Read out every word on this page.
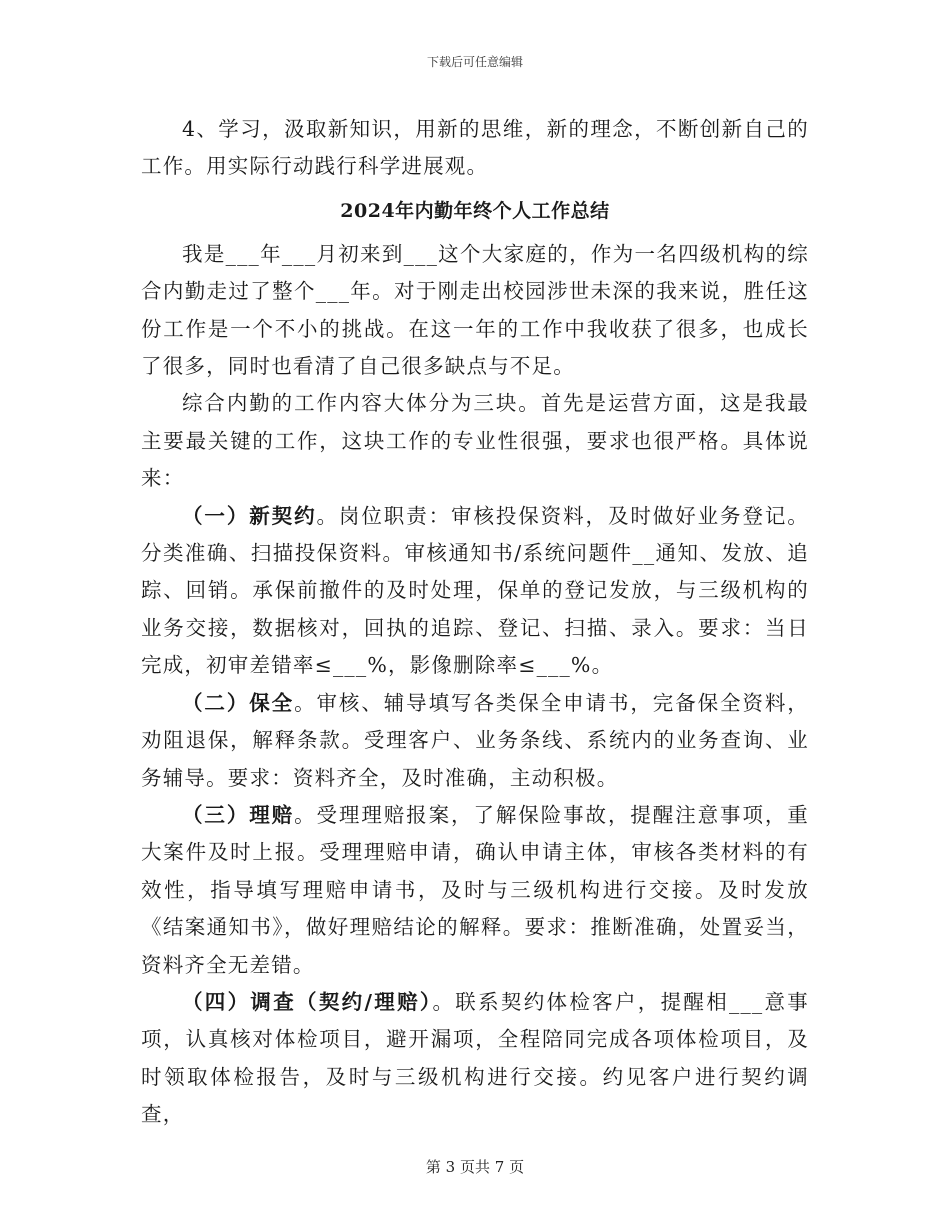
下载后可任意编辑

4、学习，汲取新知识，用新的思维，新的理念，不断创新自己的工作。用实际行动践行科学进展观。

2024年内勤年终个人工作总结

我是___年___月初来到___这个大家庭的，作为一名四级机构的综合内勤走过了整个___年。对于刚走出校园涉世未深的我来说，胜任这份工作是一个不小的挑战。在这一年的工作中我收获了很多，也成长了很多，同时也看清了自己很多缺点与不足。

综合内勤的工作内容大体分为三块。首先是运营方面，这是我最主要最关键的工作，这块工作的专业性很强，要求也很严格。具体说来：

（一）新契约。岗位职责：审核投保资料，及时做好业务登记。分类准确、扫描投保资料。审核通知书/系统问题件__通知、发放、追踪、回销。承保前撤件的及时处理，保单的登记发放，与三级机构的业务交接，数据核对，回执的追踪、登记、扫描、录入。要求：当日完成，初审差错率≤___%，影像删除率≤___%。

（二）保全。审核、辅导填写各类保全申请书，完备保全资料，劝阻退保，解释条款。受理客户、业务条线、系统内的业务查询、业务辅导。要求：资料齐全，及时准确，主动积极。

（三）理赔。受理理赔报案，了解保险事故，提醒注意事项，重大案件及时上报。受理理赔申请，确认申请主体，审核各类材料的有效性，指导填写理赔申请书，及时与三级机构进行交接。及时发放《结案通知书》，做好理赔结论的解释。要求：推断准确，处置妥当，资料齐全无差错。

（四）调查（契约/理赔）。联系契约体检客户，提醒相___意事项，认真核对体检项目，避开漏项，全程陪同完成各项体检项目，及时领取体检报告，及时与三级机构进行交接。约见客户进行契约调查，

第 3 页共 7 页
